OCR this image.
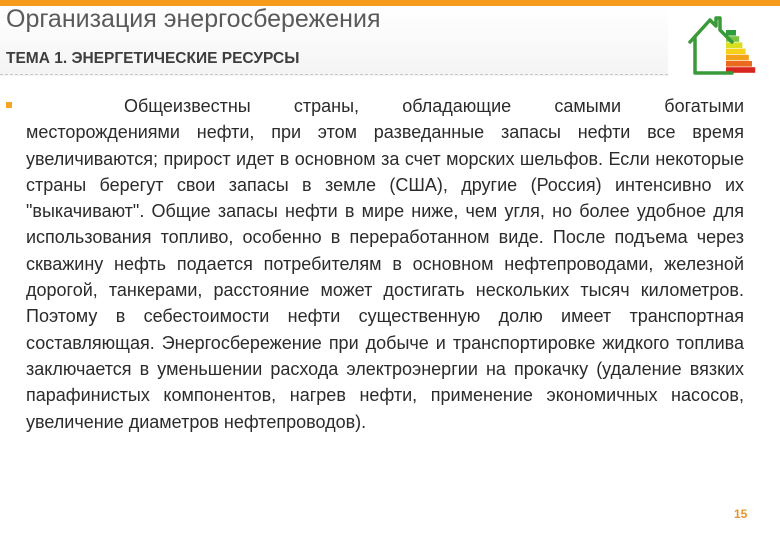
Организация энергосбережения
ТЕМА 1. ЭНЕРГЕТИЧЕСКИЕ РЕСУРСЫ

Общеизвестны страны, обладающие самыми богатыми месторождениями нефти, при этом разведанные запасы нефти все время увеличиваются; прирост идет в основном за счет морских шельфов. Если некоторые страны берегут свои запасы в земле (США), другие (Россия) интенсивно их "выкачивают". Общие запасы нефти в мире ниже, чем угля, но более удобное для использования топливо, особенно в переработанном виде. После подъема через скважину нефть подается потребителям в основном нефтепроводами, железной дорогой, танкерами, расстояние может достигать нескольких тысяч километров. Поэтому в себестоимости нефти существенную долю имеет транспортная составляющая. Энергосбережение при добыче и транспортировке жидкого топлива заключается в уменьшении расхода электроэнергии на прокачку (удаление вязких парафинистых компонентов, нагрев нефти, применение экономичных насосов, увеличение диаметров нефтепроводов).

15
